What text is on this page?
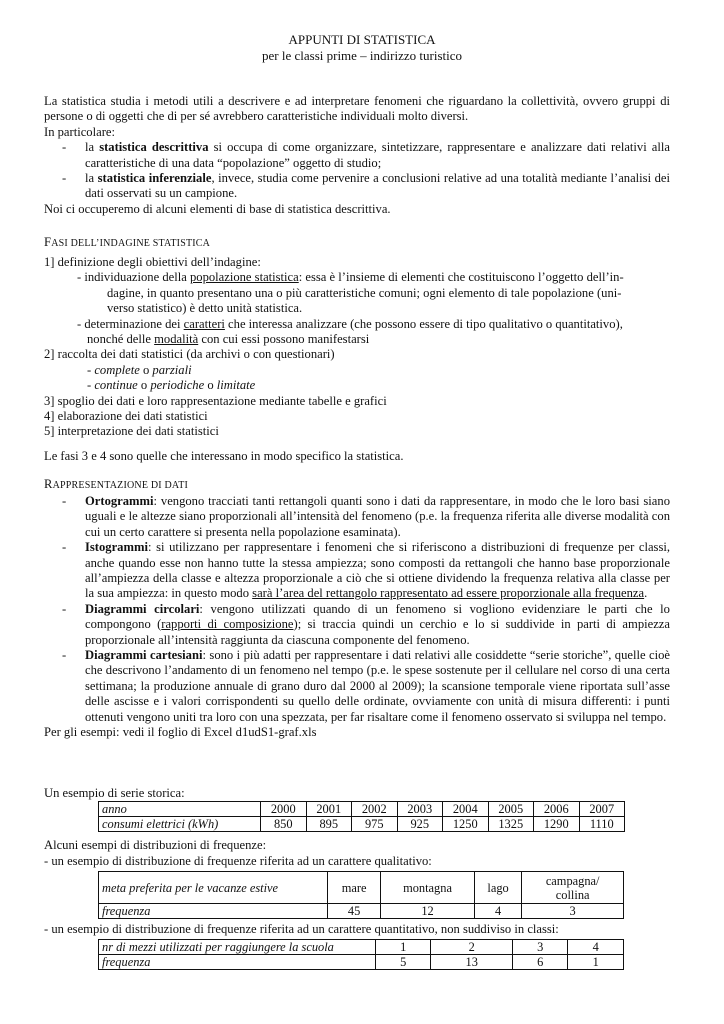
APPUNTI DI STATISTICA
per le classi prime – indirizzo turistico
La statistica studia i metodi utili a descrivere e ad interpretare fenomeni che riguardano la collettività, ovvero gruppi di persone o di oggetti che di per sé avrebbero caratteristiche individuali molto diversi.
In particolare:
-	la statistica descrittiva si occupa di come organizzare, sintetizzare, rappresentare e analizzare dati relativi alla caratteristiche di una data “popolazione” oggetto di studio;
-	la statistica inferenziale, invece, studia come pervenire a conclusioni relative ad una totalità mediante l’analisi dei dati osservati su un campione.
Noi ci occuperemo di alcuni elementi di base di statistica descrittiva.
FASI DELL’INDAGINE STATISTICA
1] definizione degli obiettivi dell’indagine:
- individuazione della popolazione statistica: essa è l’insieme di elementi che costituiscono l’oggetto dell’in-
dagine, in quanto presentano una o più caratteristiche comuni; ogni elemento di tale popolazione (uni-
verso statistico) è detto unità statistica.
- determinazione dei caratteri che interessa analizzare (che possono essere di tipo qualitativo o quantitativo),
nonché delle modalità con cui essi possono manifestarsi
2] raccolta dei dati statistici (da archivi o con questionari)
- complete o parziali
- continue o periodiche o limitate
3] spoglio dei dati e loro rappresentazione mediante tabelle e grafici
4] elaborazione dei dati statistici
5] interpretazione dei dati statistici
Le fasi 3 e 4 sono quelle che interessano in modo specifico la statistica.
RAPPRESENTAZIONE DI DATI
-	Ortogrammi: vengono tracciati tanti rettangoli quanti sono i dati da rappresentare, in modo che le loro basi siano uguali e le altezze siano proporzionali all’intensità del fenomeno (p.e. la frequenza riferita alle diverse modalità con cui un certo carattere si presenta nella popolazione esaminata).
-	Istogrammi: si utilizzano per rappresentare i fenomeni che si riferiscono a distribuzioni di frequenze per classi, anche quando esse non hanno tutte la stessa ampiezza; sono composti da rettangoli che hanno base proporzionale all’ampiezza della classe e altezza proporzionale a ciò che si ottiene dividendo la frequenza relativa alla classe per la sua ampiezza: in questo modo sarà l’area del rettangolo rappresentato ad essere proporzionale alla frequenza.
-	Diagrammi circolari: vengono utilizzati quando di un fenomeno si vogliono evidenziare le parti che lo compongono (rapporti di composizione); si traccia quindi un cerchio e lo si suddivide in parti di ampiezza proporzionale all’intensità raggiunta da ciascuna componente del fenomeno.
-	Diagrammi cartesiani: sono i più adatti per rappresentare i dati relativi alle cosiddette “serie storiche”, quelle cioè che descrivono l’andamento di un fenomeno nel tempo (p.e. le spese sostenute per il cellulare nel corso di una certa settimana; la produzione annuale di grano duro dal 2000 al 2009); la scansione temporale viene riportata sull’asse delle ascisse e i valori corrispondenti su quello delle ordinate, ovviamente con unità di misura differenti: i punti ottenuti vengono uniti tra loro con una spezzata, per far risaltare come il fenomeno osservato si sviluppa nel tempo.
Per gli esempi: vedi il foglio di Excel d1udS1-graf.xls
Un esempio di serie storica:
anno	2000	2001	2002	2003	2004	2005	2006	2007
consumi elettrici (kWh)	850	895	975	925	1250	1325	1290	1110
Alcuni esempi di distribuzioni di frequenze:
- un esempio di distribuzione di frequenze riferita ad un carattere qualitativo:
meta preferita per le vacanze estive	mare	montagna	lago	campagna/
collina
frequenza	45	12	4	3
- un esempio di distribuzione di frequenze riferita ad un carattere quantitativo, non suddiviso in classi:
nr di mezzi utilizzati per raggiungere la scuola	1	2	3	4
frequenza	5	13	6	1
